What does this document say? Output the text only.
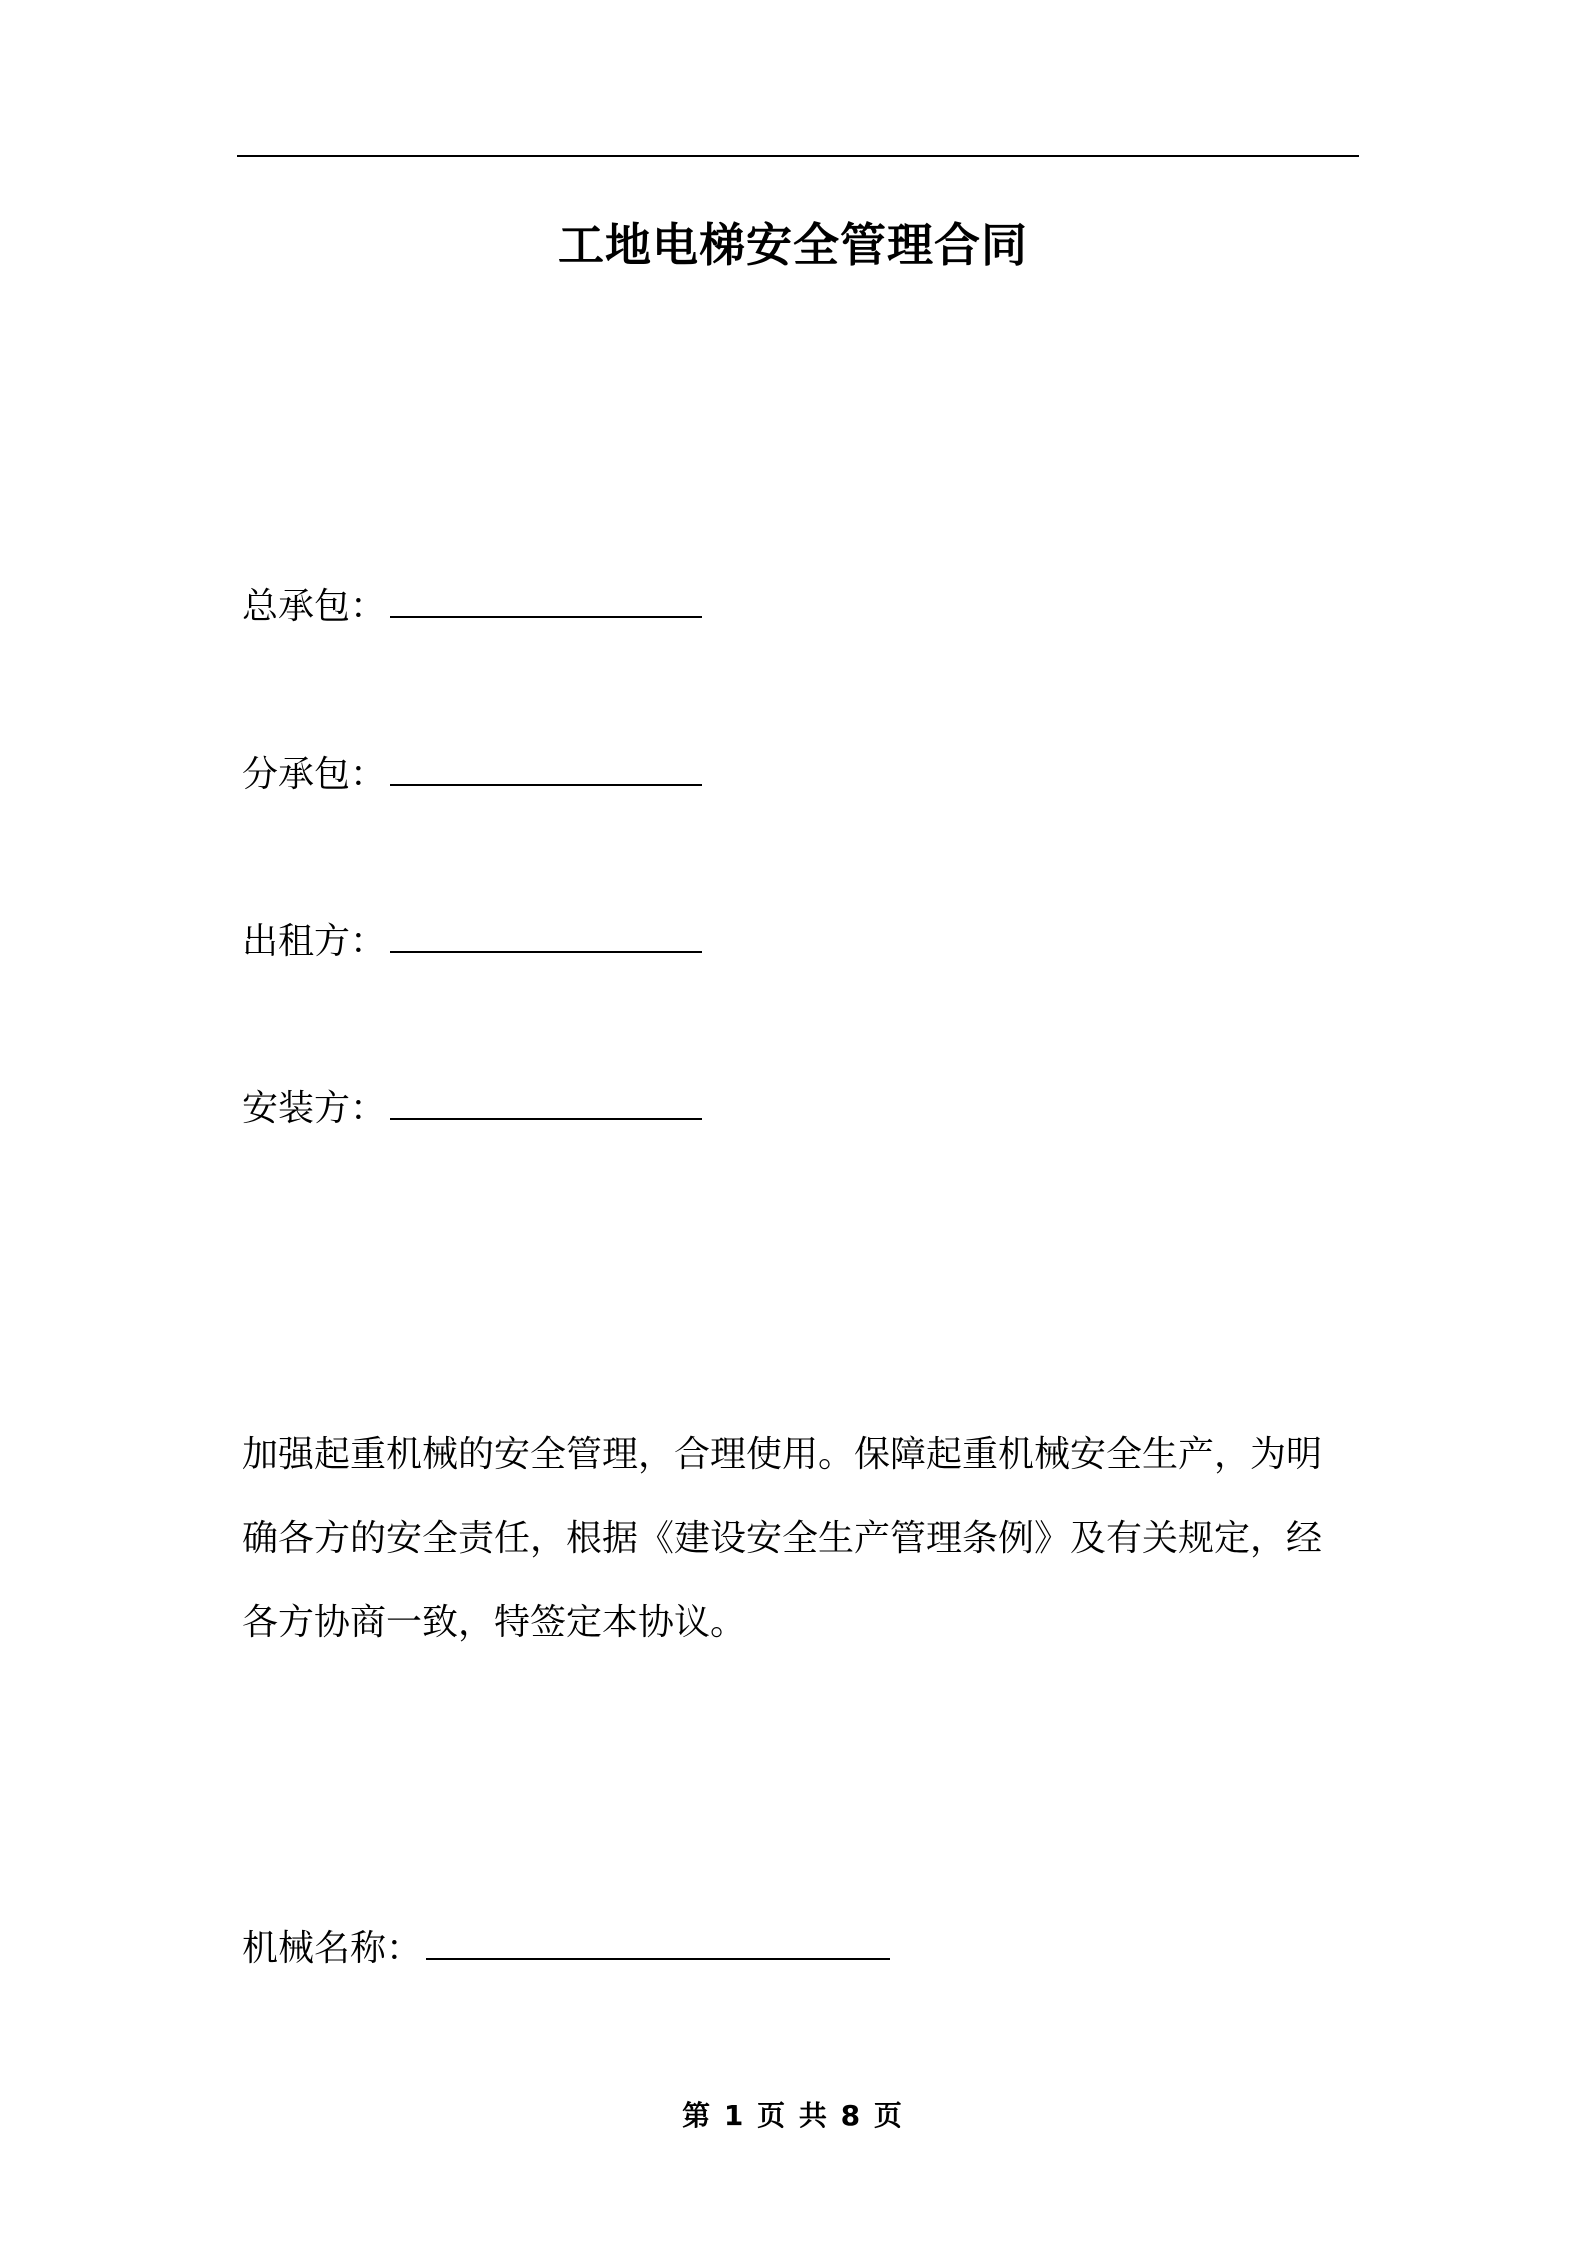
工地电梯安全管理合同
总承包：
分承包：
出租方：
安装方：
加强起重机械的安全管理，合理使用。保障起重机械安全生产，为明
确各方的安全责任，根据《建设安全生产管理条例》及有关规定，经
各方协商一致，特签定本协议。
机械名称：
第 1 页 共 8 页
